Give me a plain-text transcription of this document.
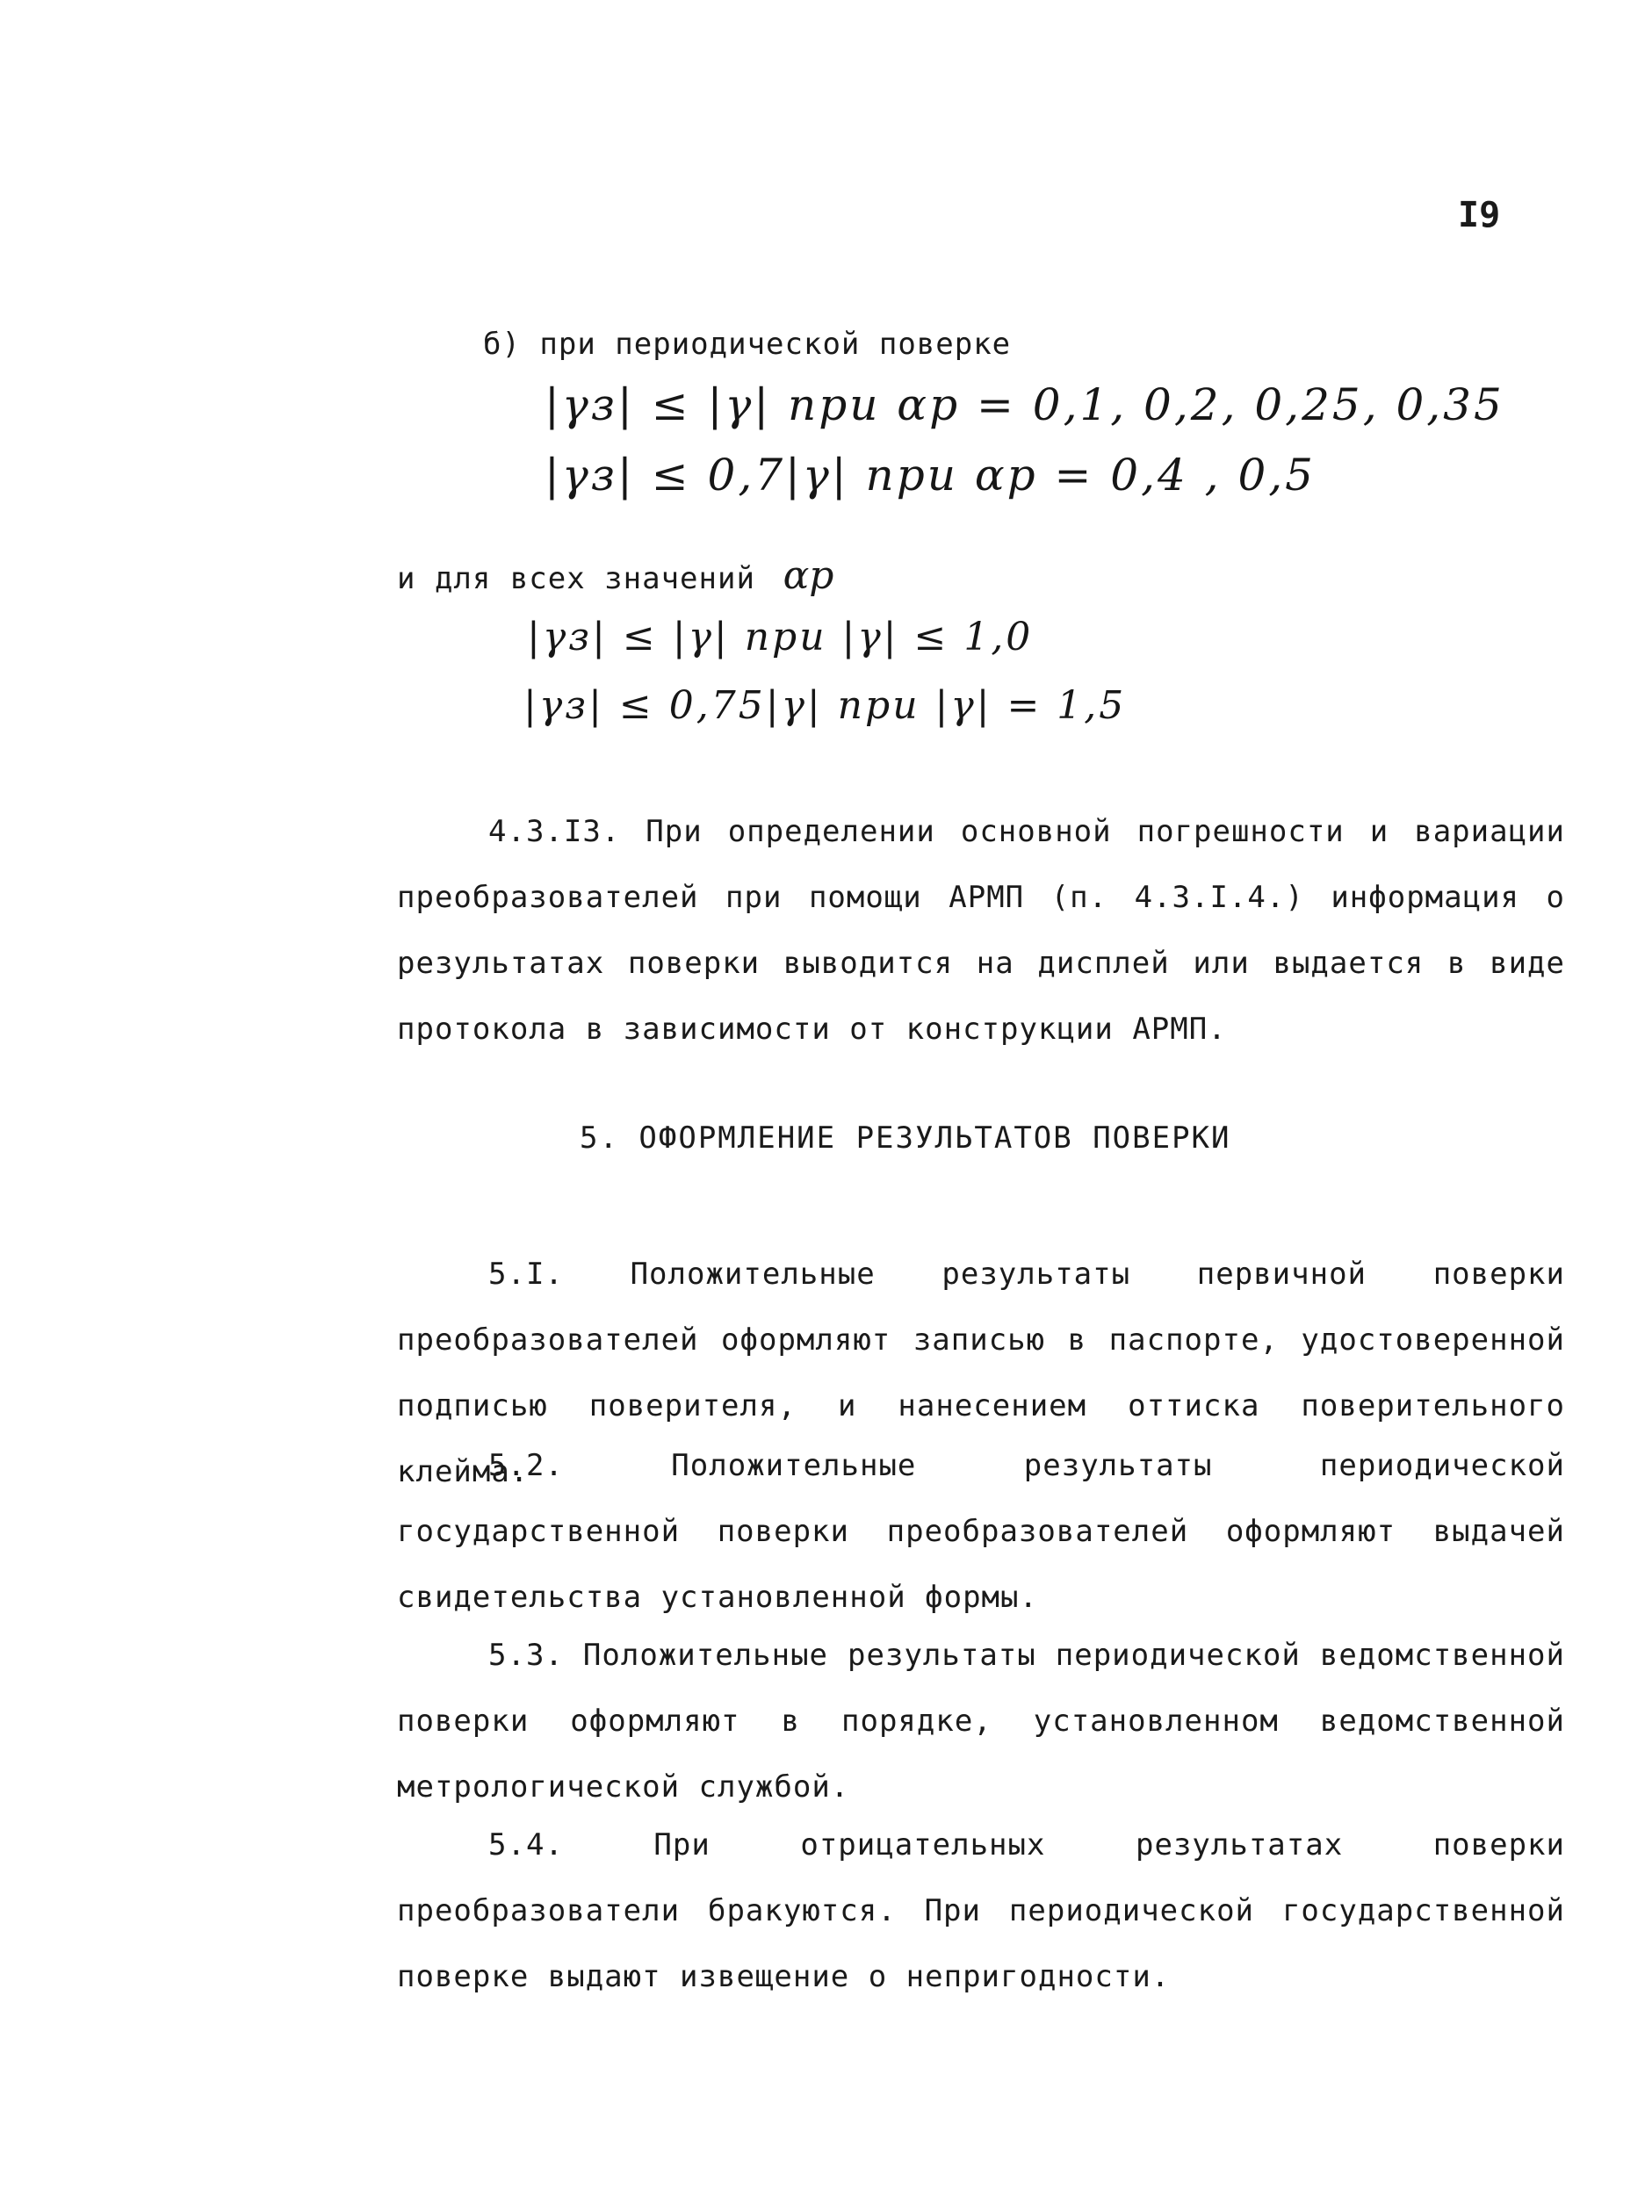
I9
б) при периодической поверке
|γз| ≤ |γ| при αр = 0,1, 0,2, 0,25, 0,35
|γз| ≤ 0,7|γ| при αр = 0,4 , 0,5
и для всех значений αр
|γз| ≤ |γ| при |γ| ≤ 1,0
|γз| ≤ 0,75|γ| при |γ| = 1,5
4.3.I3. При определении основной погрешности и вариации преобразователей при помощи АРМП (п. 4.3.I.4.) информация о результатах поверки выводится на дисплей или выдается в виде протокола в зависимости от конструкции АРМП.
5. ОФОРМЛЕНИЕ РЕЗУЛЬТАТОВ ПОВЕРКИ
5.I. Положительные результаты первичной поверки преобразователей оформляют записью в паспорте, удостоверенной подписью поверителя, и нанесением оттиска поверительного клейма.
5.2. Положительные результаты периодической государственной поверки преобразователей оформляют выдачей свидетельства установленной формы.
5.3. Положительные результаты периодической ведомственной поверки оформляют в порядке, установленном ведомственной метрологической службой.
5.4. При отрицательных результатах поверки преобразователи бракуются. При периодической государственной поверке выдают извещение о непригодности.
